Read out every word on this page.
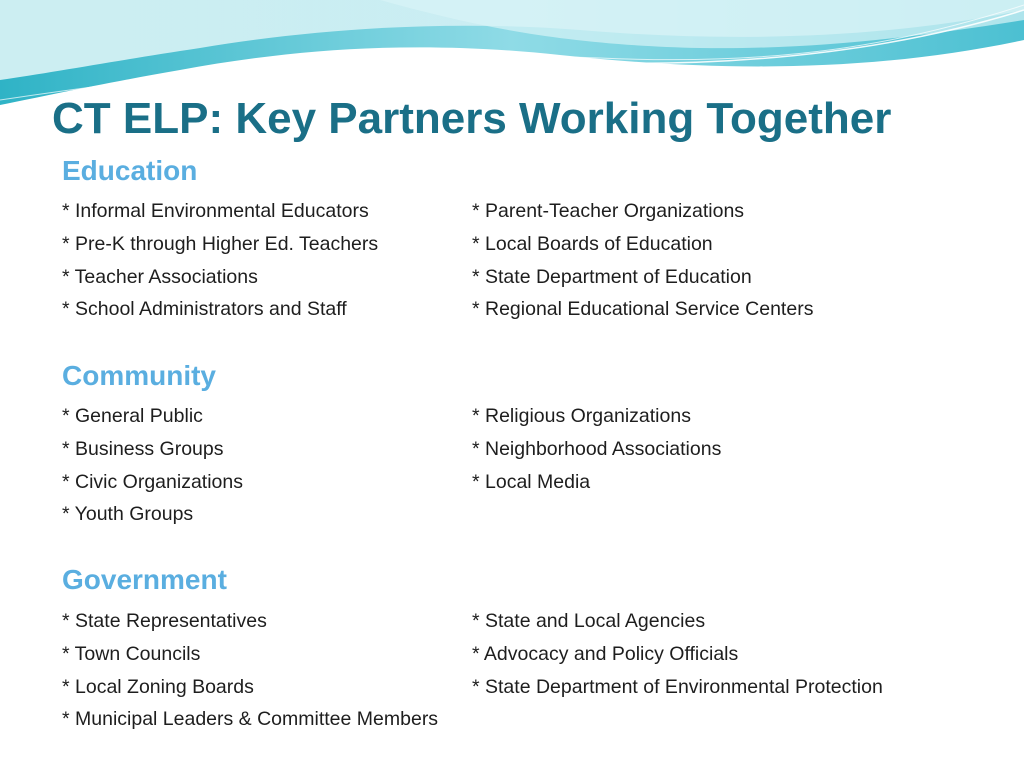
CT ELP: Key Partners Working Together
Education
* Informal Environmental Educators
* Pre-K through Higher Ed. Teachers
* Teacher Associations
* School Administrators and Staff
* Parent-Teacher Organizations
* Local Boards of Education
* State Department of Education
* Regional Educational Service Centers
Community
* General Public
* Business Groups
* Civic Organizations
* Youth Groups
* Religious Organizations
* Neighborhood Associations
* Local Media
Government
* State Representatives
* Town Councils
* Local Zoning Boards
* Municipal Leaders & Committee Members
* State and Local Agencies
* Advocacy and Policy Officials
* State Department of Environmental Protection
